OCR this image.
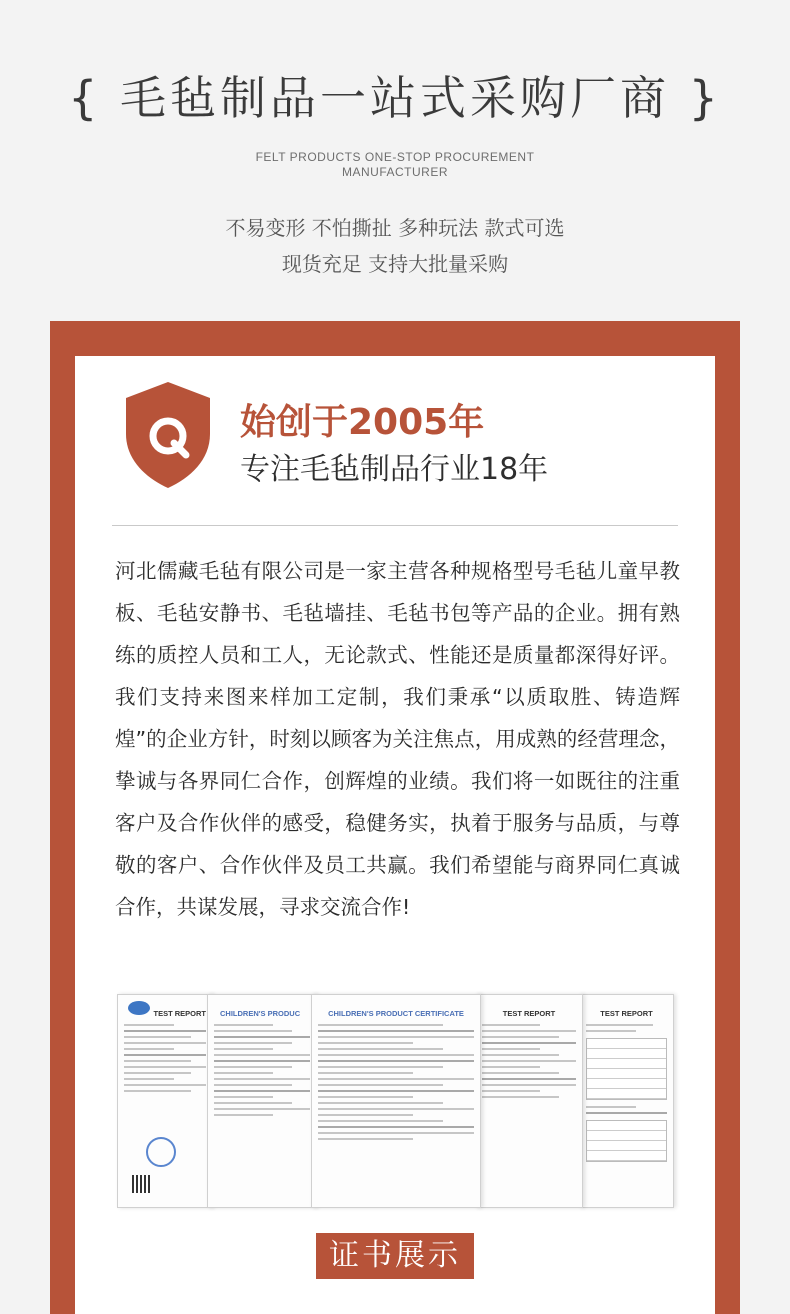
{ 毛毡制品一站式采购厂商 }
FELT PRODUCTS ONE-STOP PROCUREMENT
MANUFACTURER
不易变形 不怕撕扯 多种玩法 款式可选
现货充足 支持大批量采购
始创于2005年
专注毛毡制品行业18年
河北儒藏毛毡有限公司是一家主营各种规格型号毛毡儿童早教板、毛毡安静书、毛毡墙挂、毛毡书包等产品的企业。拥有熟练的质控人员和工人，无论款式、性能还是质量都深得好评。我们支持来图来样加工定制，我们秉承“以质取胜、铸造辉煌”的企业方针，时刻以顾客为关注焦点，用成熟的经营理念，挚诚与各界同仁合作，创辉煌的业绩。我们将一如既往的注重客户及合作伙伴的感受，稳健务实，执着于服务与品质，与尊敬的客户、合作伙伴及员工共赢。我们希望能与商界同仁真诚合作，共谋发展，寻求交流合作!
TEST REPORT	CHILDREN'S PRODUC	CHILDREN'S PRODUCT CERTIFICATE	TEST REPORT	TEST REPORT
证书展示
